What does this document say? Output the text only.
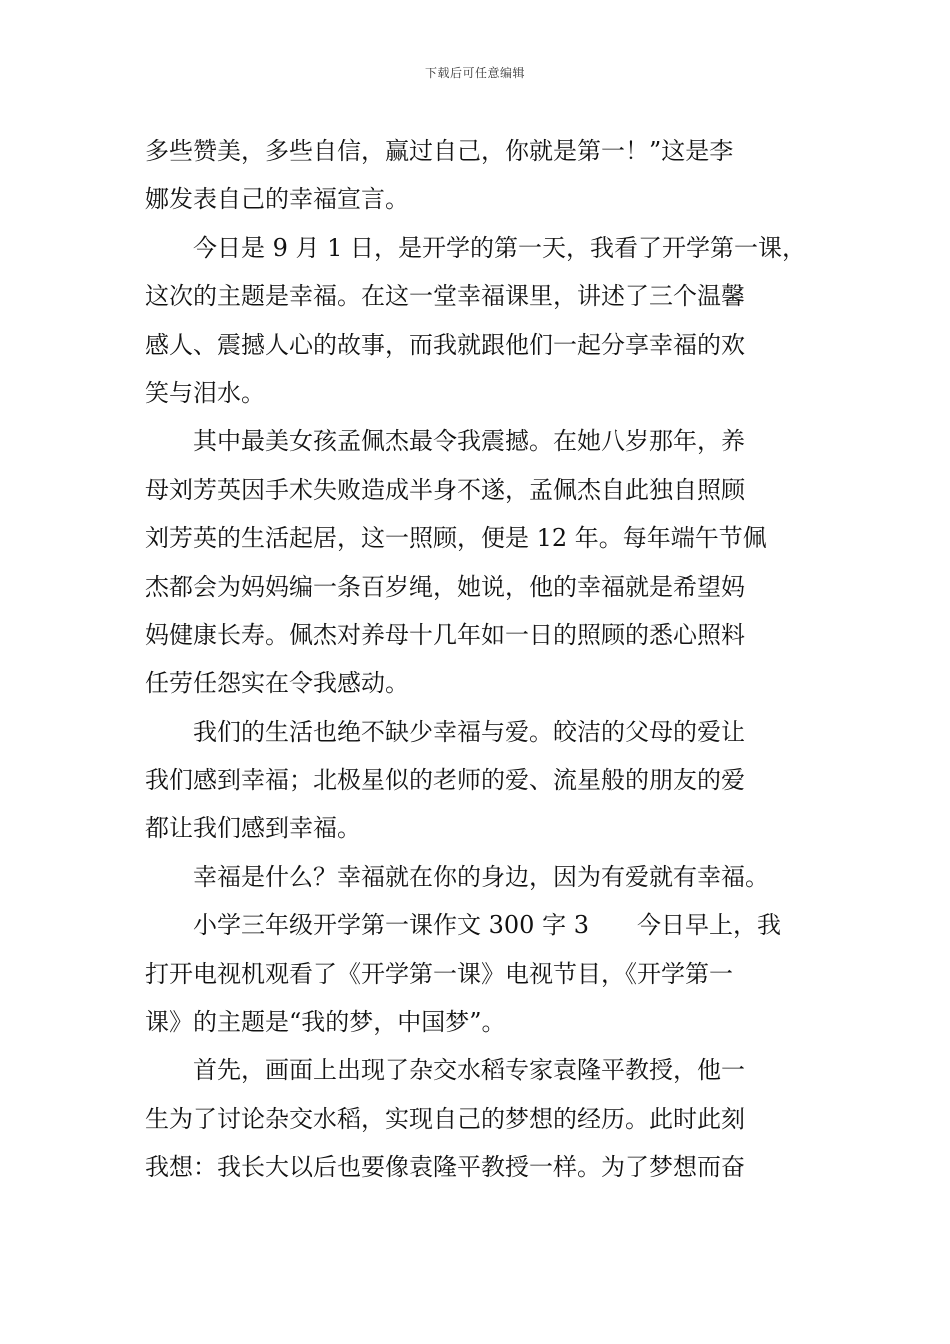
下载后可任意编辑
多些赞美，多些自信，赢过自己，你就是第一！”这是李
娜发表自己的幸福宣言。
　　今日是 9 月 1 日，是开学的第一天，我看了开学第一课，
这次的主题是幸福。在这一堂幸福课里，讲述了三个温馨
感人、震撼人心的故事，而我就跟他们一起分享幸福的欢
笑与泪水。
　　其中最美女孩孟佩杰最令我震撼。在她八岁那年，养
母刘芳英因手术失败造成半身不遂，孟佩杰自此独自照顾
刘芳英的生活起居，这一照顾，便是 12 年。每年端午节佩
杰都会为妈妈编一条百岁绳，她说，他的幸福就是希望妈
妈健康长寿。佩杰对养母十几年如一日的照顾的悉心照料
任劳任怨实在令我感动。
　　我们的生活也绝不缺少幸福与爱。皎洁的父母的爱让
我们感到幸福；北极星似的老师的爱、流星般的朋友的爱
都让我们感到幸福。
　　幸福是什么？幸福就在你的身边，因为有爱就有幸福。
　　小学三年级开学第一课作文 300 字 3　　今日早上，我
打开电视机观看了《开学第一课》电视节目，《开学第一
课》的主题是“我的梦，中国梦”。
　　首先，画面上出现了杂交水稻专家袁隆平教授，他一
生为了讨论杂交水稻，实现自己的梦想的经历。此时此刻
我想：我长大以后也要像袁隆平教授一样。为了梦想而奋
